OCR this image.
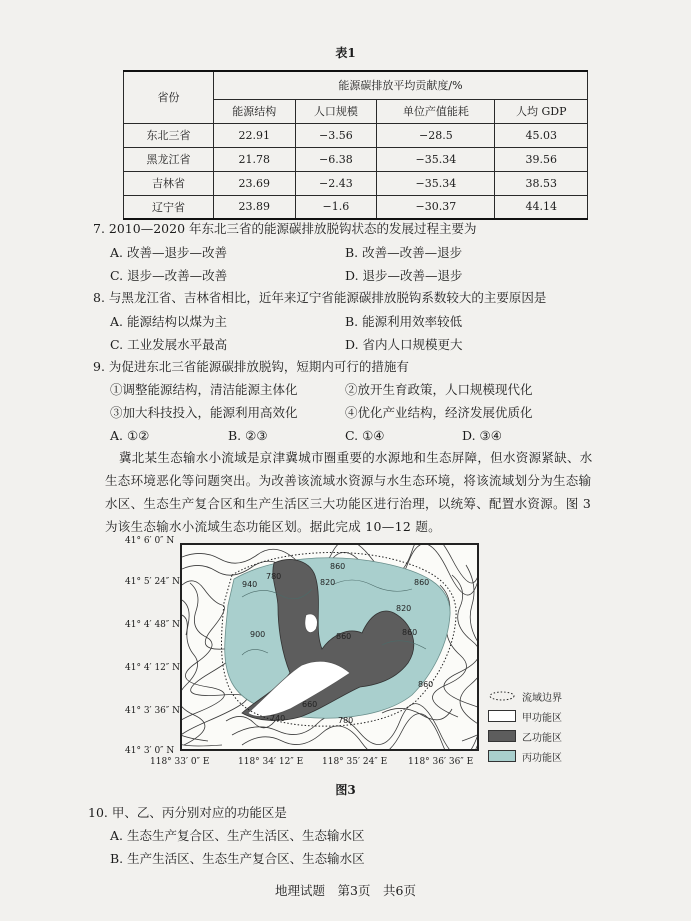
表1
省份	能源碳排放平均贡献度/%			
	能源结构	人口规模	单位产值能耗	人均 GDP
东北三省	22.91	−3.56	−28.5	45.03
黑龙江省	21.78	−6.38	−35.34	39.56
吉林省	23.69	−2.43	−35.34	38.53
辽宁省	23.89	−1.6	−30.37	44.14
7. 2010—2020 年东北三省的能源碳排放脱钩状态的发展过程主要为
A. 改善—退步—改善	B. 改善—改善—退步
C. 退步—改善—改善	D. 退步—改善—退步
8. 与黑龙江省、吉林省相比，近年来辽宁省能源碳排放脱钩系数较大的主要原因是
A. 能源结构以煤为主	B. 能源利用效率较低
C. 工业发展水平最高	D. 省内人口规模更大
9. 为促进东北三省能源碳排放脱钩，短期内可行的措施有
①调整能源结构，清洁能源主体化	②放开生育政策，人口规模现代化
③加大科技投入，能源利用高效化	④优化产业结构，经济发展优质化
A. ①②	B. ②③	C. ①④	D. ③④
冀北某生态输水小流域是京津冀城市圈重要的水源地和生态屏障，但水资源紧缺、水生态环境恶化等问题突出。为改善该流域水资源与水生态环境，将该流域划分为生态输水区、生态生产复合区和生产生活区三大功能区进行治理，以统筹、配置水资源。图 3 为该生态输水小流域生态功能区划。据此完成 10—12 题。
41° 6′ 0″ N
41° 5′ 24″ N
41° 4′ 48″ N
41° 4′ 12″ N
41° 3′ 36″ N
41° 3′ 0″ N
860
820
940
780
900	860	860
820
860
740
660
780
860
118° 33′ 0″ E	118° 34′ 12″ E 118° 35′ 24″ E 118° 36′ 36″ E
流域边界
甲功能区
乙功能区
丙功能区
图3
10. 甲、乙、丙分别对应的功能区是
A. 生态生产复合区、生产生活区、生态输水区
B. 生产生活区、生态生产复合区、生态输水区
地理试题　第3页　共6页
